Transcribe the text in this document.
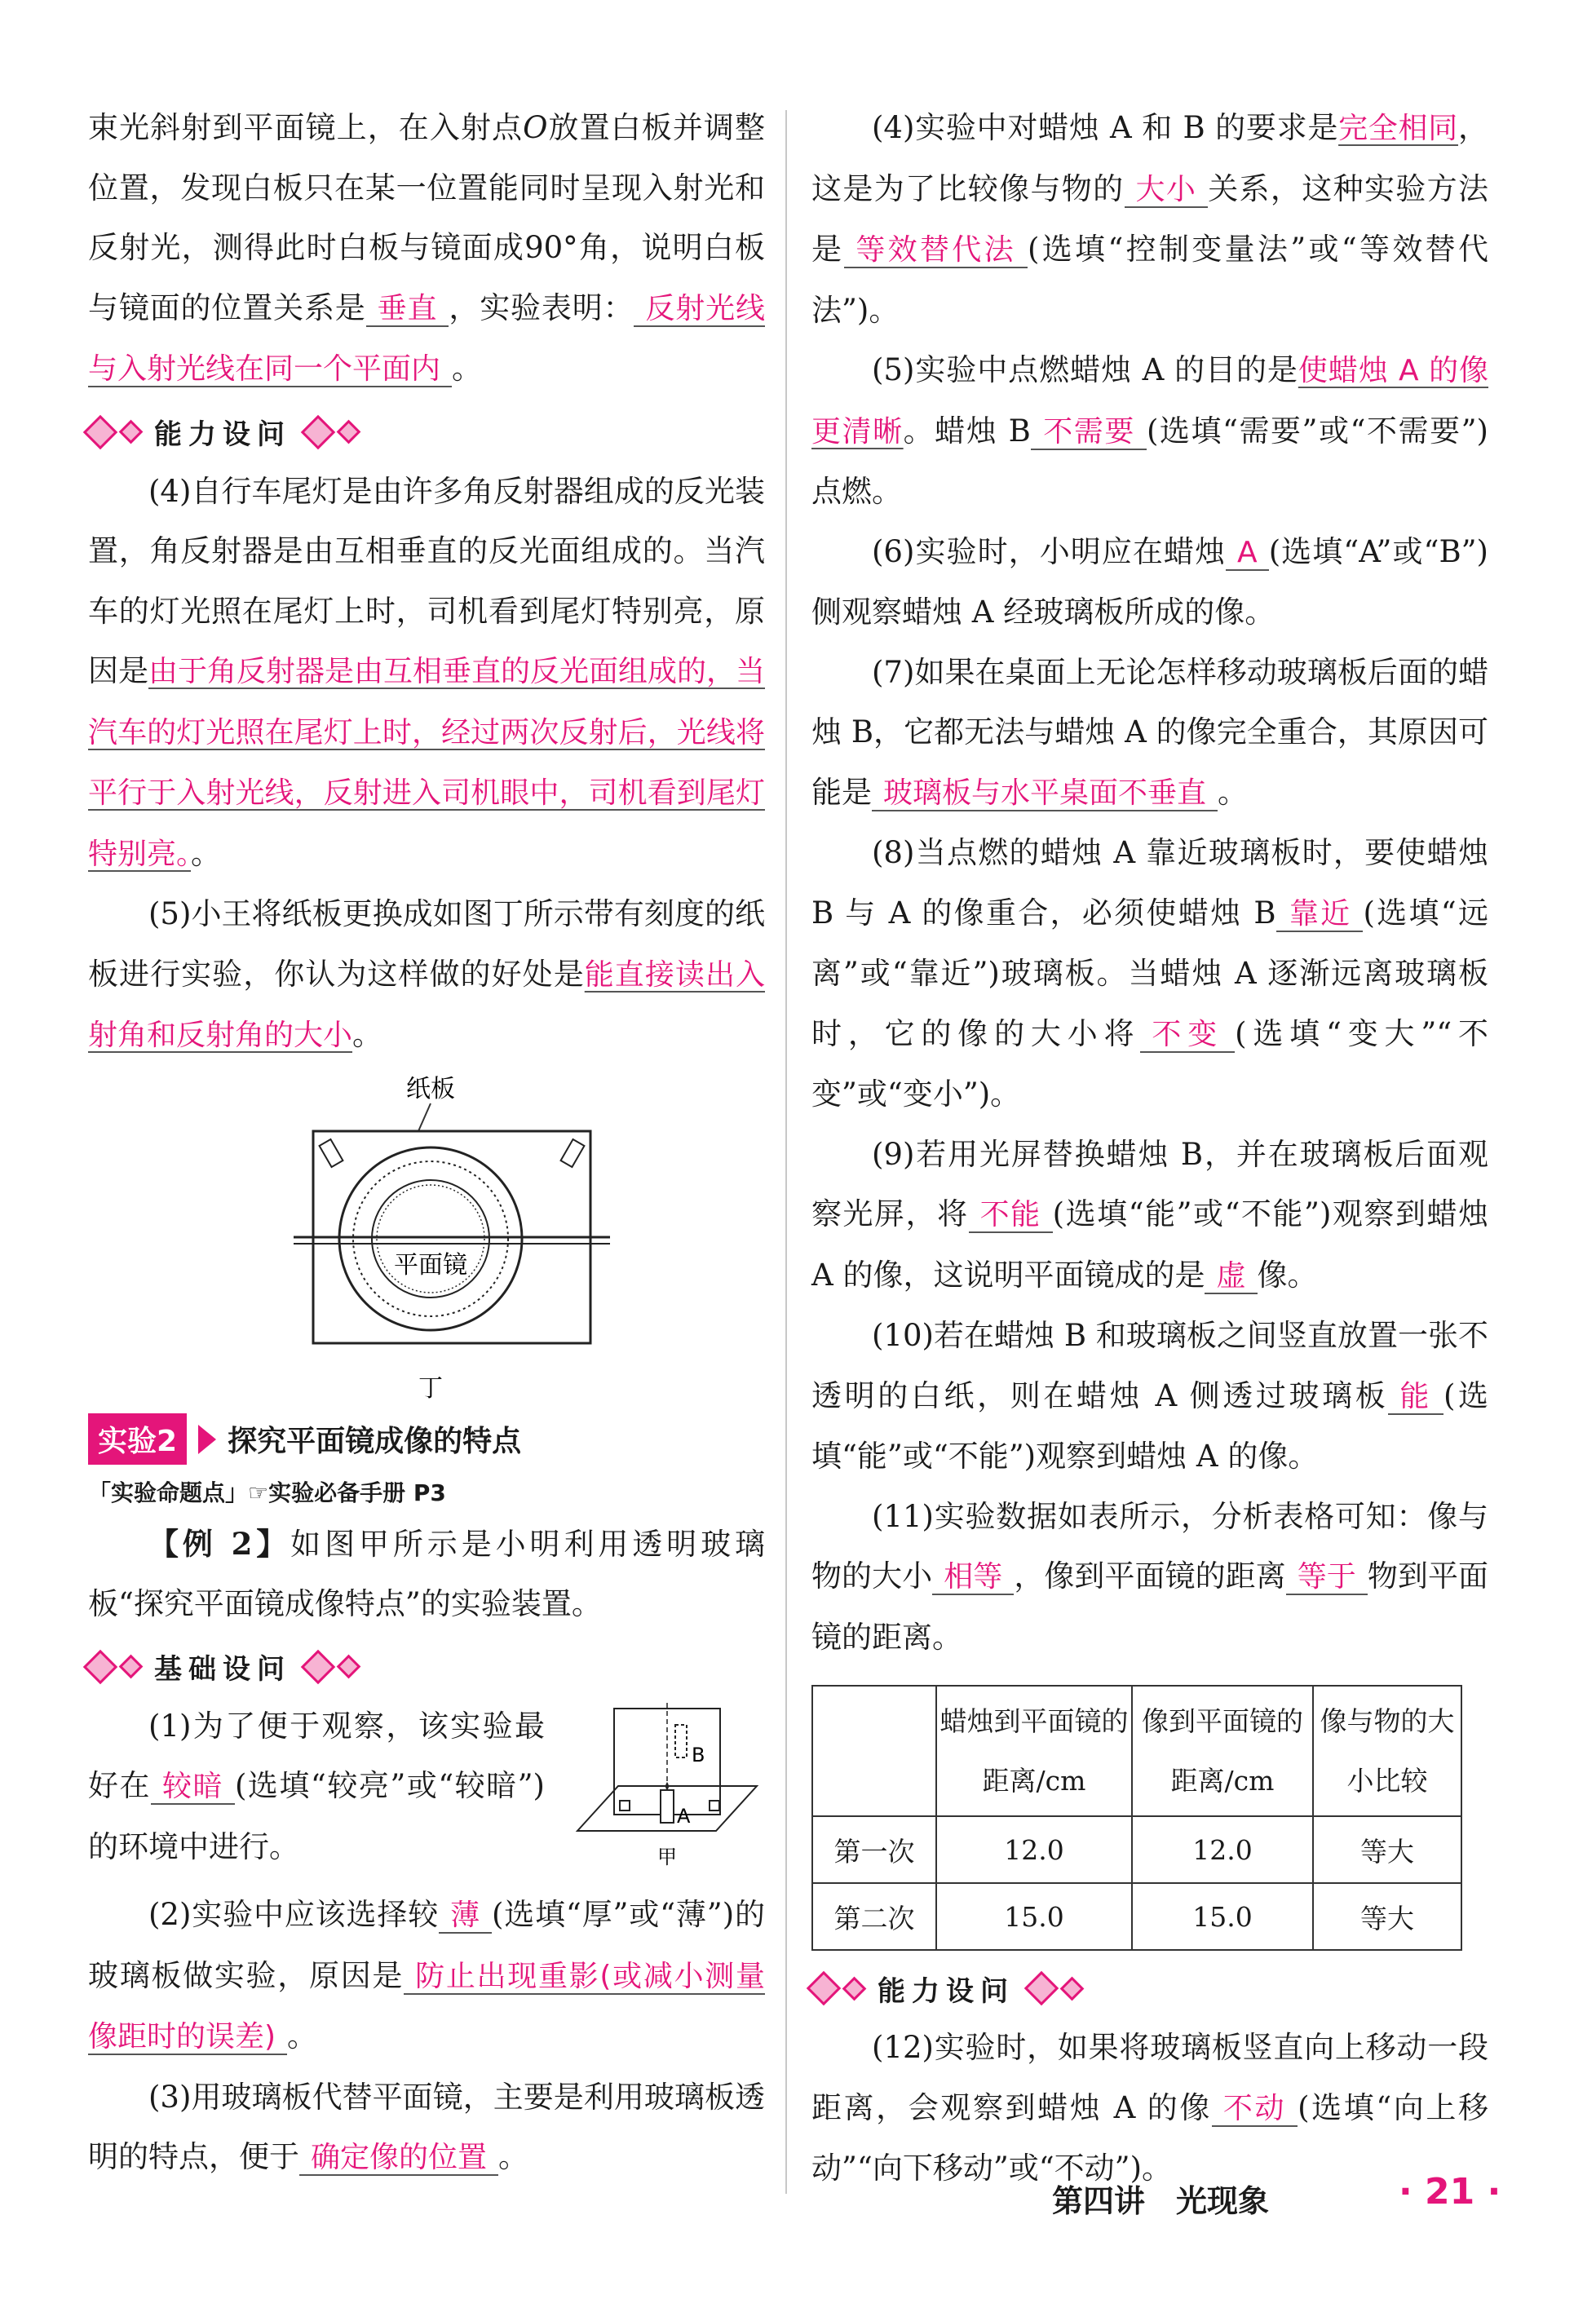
束光斜射到平面镜上，在入射点O放置白板并调整位置，发现白板只在某一位置能同时呈现入射光和反射光，测得此时白板与镜面成90°角，说明白板与镜面的位置关系是 垂直 ，实验表明： 反射光线与入射光线在同一个平面内 。

能力设问

(4)自行车尾灯是由许多角反射器组成的反光装置，角反射器是由互相垂直的反光面组成的。当汽车的灯光照在尾灯上时，司机看到尾灯特别亮，原因是由于角反射器是由互相垂直的反光面组成的，当汽车的灯光照在尾灯上时，经过两次反射后，光线将平行于入射光线，反射进入司机眼中，司机看到尾灯特别亮。。

(5)小王将纸板更换成如图丁所示带有刻度的纸板进行实验，你认为这样做的好处是能直接读出入射角和反射角的大小。

纸板
平面镜
丁
实验2	探究平面镜成像的特点
「实验命题点」☞实验必备手册 P3

【例 2】如图甲所示是小明利用透明玻璃板“探究平面镜成像特点”的实验装置。

基础设问
B
A
甲

(1)为了便于观察，该实验最好在 较暗 (选填“较亮”或“较暗”)的环境中进行。

(2)实验中应该选择较 薄 (选填“厚”或“薄”)的玻璃板做实验，原因是 防止出现重影(或减小测量像距时的误差) 。

(3)用玻璃板代替平面镜，主要是利用玻璃板透明的特点，便于 确定像的位置 。

(4)实验中对蜡烛 A 和 B 的要求是完全相同，这是为了比较像与物的 大小 关系，这种实验方法是 等效替代法 (选填“控制变量法”或“等效替代法”)。

(5)实验中点燃蜡烛 A 的目的是使蜡烛 A 的像更清晰。蜡烛 B 不需要 (选填“需要”或“不需要”)点燃。

(6)实验时，小明应在蜡烛 A (选填“A”或“B”)侧观察蜡烛 A 经玻璃板所成的像。

(7)如果在桌面上无论怎样移动玻璃板后面的蜡烛 B，它都无法与蜡烛 A 的像完全重合，其原因可能是 玻璃板与水平桌面不垂直 。

(8)当点燃的蜡烛 A 靠近玻璃板时，要使蜡烛 B 与 A 的像重合，必须使蜡烛 B 靠近 (选填“远离”或“靠近”)玻璃板。当蜡烛 A 逐渐远离玻璃板时，它的像的大小将 不变 (选填“变大”“不变”或“变小”)。

(9)若用光屏替换蜡烛 B，并在玻璃板后面观察光屏，将 不能 (选填“能”或“不能”)观察到蜡烛 A 的像，这说明平面镜成的是 虚 像。

(10)若在蜡烛 B 和玻璃板之间竖直放置一张不透明的白纸，则在蜡烛 A 侧透过玻璃板 能 (选填“能”或“不能”)观察到蜡烛 A 的像。

(11)实验数据如表所示，分析表格可知：像与物的大小 相等 ，像到平面镜的距离 等于 物到平面镜的距离。

	蜡烛到平面镜的距离/cm	像到平面镜的距离/cm	像与物的大小比较
第一次	12.0	12.0	等大
第二次	15.0	15.0	等大
能力设问

(12)实验时，如果将玻璃板竖直向上移动一段距离，会观察到蜡烛 A 的像 不动 (选填“向上移动”“向下移动”或“不动”)。

第四讲　光现象	· 21 ·
